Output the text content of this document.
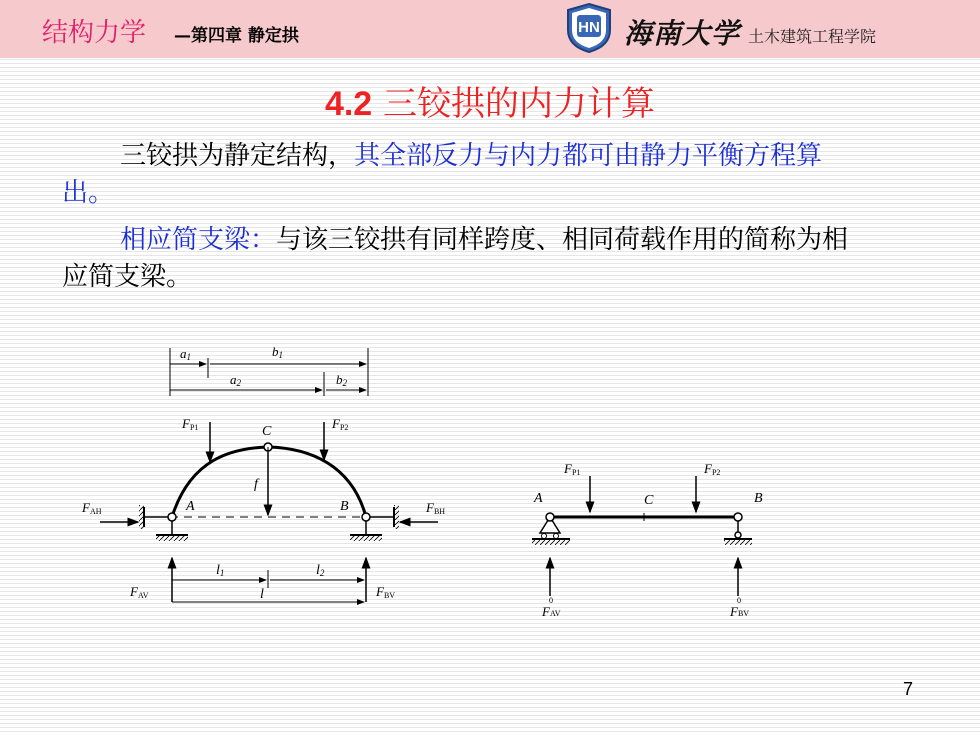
结构力学 —第四章 静定拱	HN 海南大学 土木建筑工程学院
4.2 三铰拱的内力计算
三铰拱为静定结构，其全部反力与内力都可由静力平衡方程算出。
相应简支梁：与该三铰拱有同样跨度、相同荷载作用的简称为相应简支梁。
a1	b1
a2	b2
FP1	FP2
C
f
A	B
FAH	FBH
FAV	FBV
l1	l2
l
FP1	FP2
A	C	B
0
FAV
0
FBV
7
